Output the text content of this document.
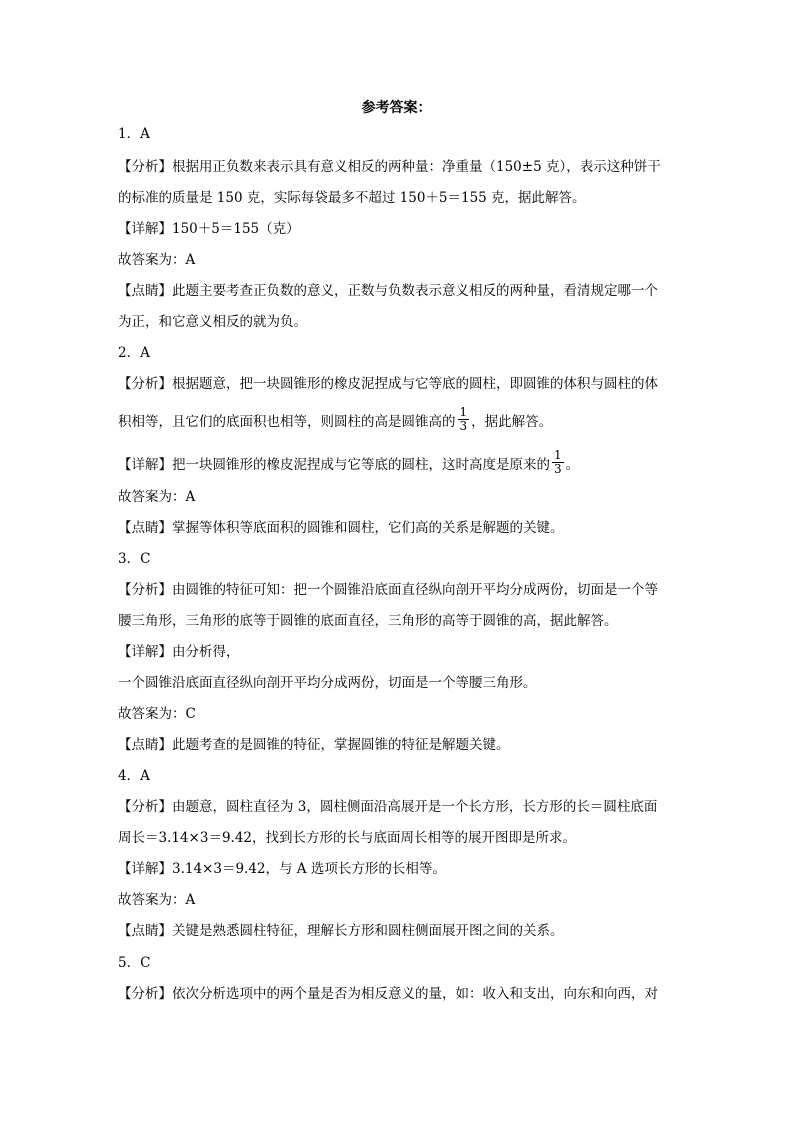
参考答案：
1．A
【分析】根据用正负数来表示具有意义相反的两种量：净重量（150±5 克），表示这种饼干
的标准的质量是 150 克，实际每袋最多不超过 150＋5＝155 克，据此解答。
【详解】150＋5＝155（克）
故答案为：A
【点睛】此题主要考查正负数的意义，正数与负数表示意义相反的两种量，看清规定哪一个
为正，和它意义相反的就为负。
2．A
【分析】根据题意，把一块圆锥形的橡皮泥捏成与它等底的圆柱，即圆锥的体积与圆柱的体
积相等，且它们的底面积也相等，则圆柱的高是圆锥高的 $\frac{1}{3}$ ，据此解答。
【详解】把一块圆锥形的橡皮泥捏成与它等底的圆柱，这时高度是原来的 $\frac{1}{3}$ 。
故答案为：A
【点睛】掌握等体积等底面积的圆锥和圆柱，它们高的关系是解题的关键。
3．C
【分析】由圆锥的特征可知：把一个圆锥沿底面直径纵向剖开平均分成两份，切面是一个等
腰三角形，三角形的底等于圆锥的底面直径，三角形的高等于圆锥的高，据此解答。
【详解】由分析得，
一个圆锥沿底面直径纵向剖开平均分成两份，切面是一个等腰三角形。
故答案为：C
【点睛】此题考查的是圆锥的特征，掌握圆锥的特征是解题关键。
4．A
【分析】由题意，圆柱直径为 3，圆柱侧面沿高展开是一个长方形，长方形的长＝圆柱底面
周长＝3.14×3＝9.42，找到长方形的长与底面周长相等的展开图即是所求。
【详解】3.14×3＝9.42，与 A 选项长方形的长相等。
故答案为：A
【点睛】关键是熟悉圆柱特征，理解长方形和圆柱侧面展开图之间的关系。
5．C
【分析】依次分析选项中的两个量是否为相反意义的量，如：收入和支出，向东和向西，对
